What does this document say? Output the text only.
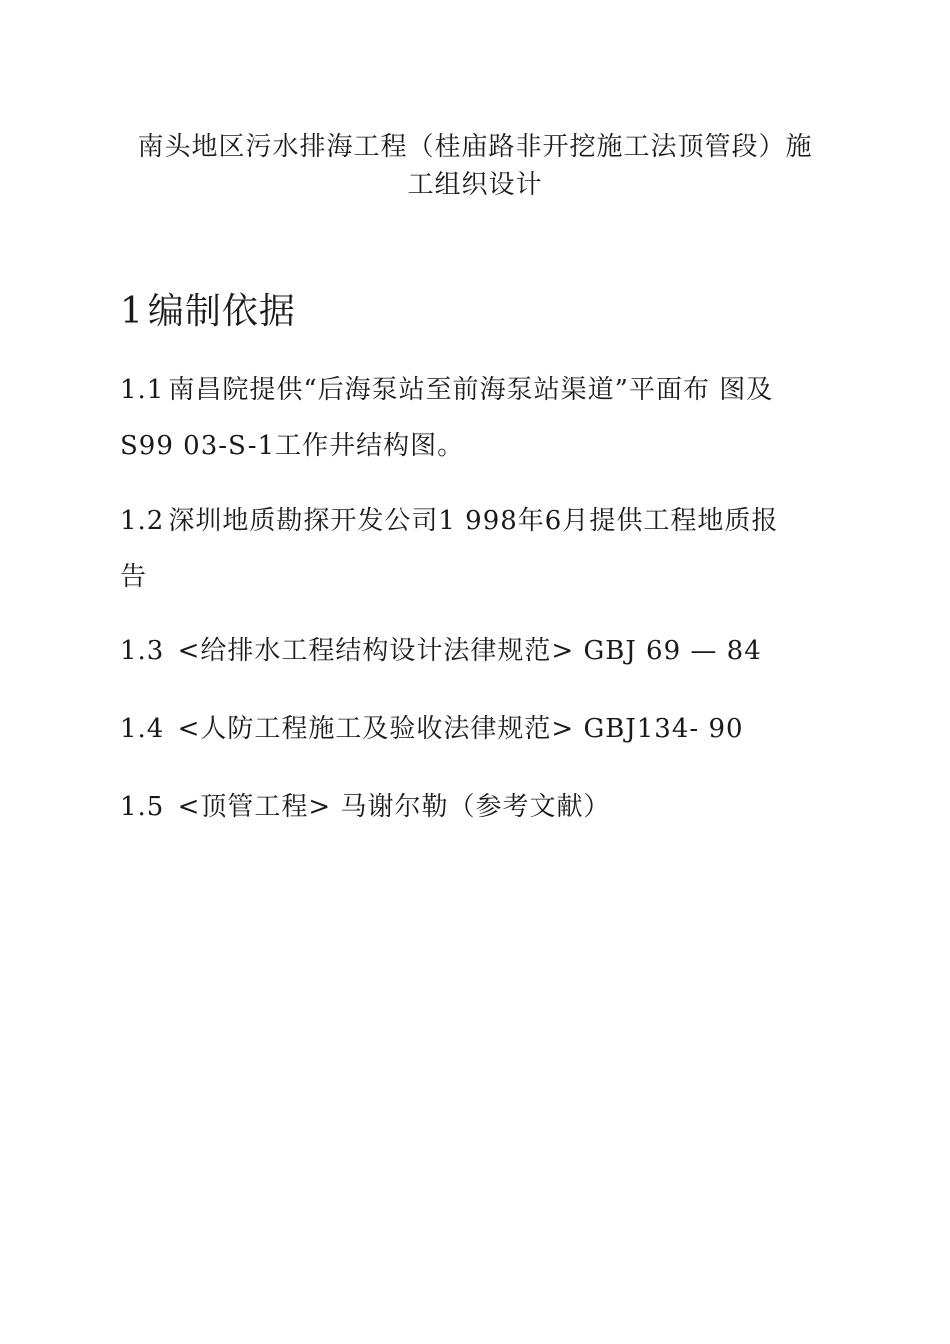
南头地区污水排海工程（桂庙路非开挖施工法顶管段）施
工组织设计
1 编制依据

1.1 南昌院提供“后海泵站至前海泵站渠道”平面布 图及
S99 03-S-1工作井结构图。

1.2 深圳地质勘探开发公司1 998年6月提供工程地质报
告

1.3 <给排水工程结构设计法律规范> GBJ 69 — 84

1.4 <人防工程施工及验收法律规范> GBJ134- 90

1.5 <顶管工程> 马谢尔勒（参考文献）
